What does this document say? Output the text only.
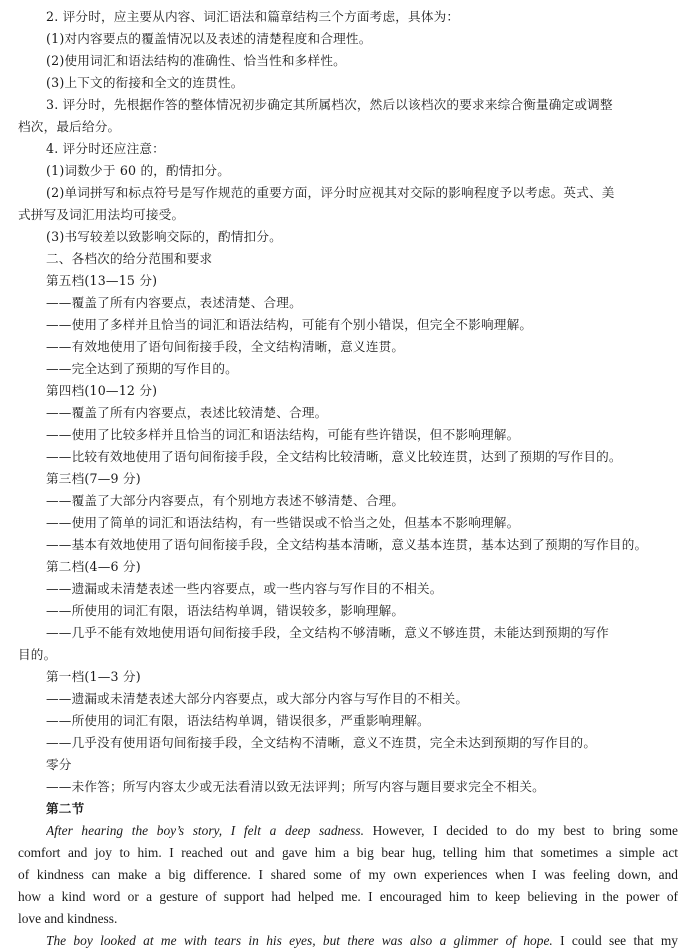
2. 评分时，应主要从内容、词汇语法和篇章结构三个方面考虑，具体为：
(1)对内容要点的覆盖情况以及表述的清楚程度和合理性。
(2)使用词汇和语法结构的准确性、恰当性和多样性。
(3)上下文的衔接和全文的连贯性。
3. 评分时，先根据作答的整体情况初步确定其所属档次，然后以该档次的要求来综合衡量确定或调整
档次，最后给分。
4. 评分时还应注意：
(1)词数少于 60 的，酌情扣分。
(2)单词拼写和标点符号是写作规范的重要方面，评分时应视其对交际的影响程度予以考虑。英式、美
式拼写及词汇用法均可接受。
(3)书写较差以致影响交际的，酌情扣分。
二、各档次的给分范围和要求
第五档(13—15 分)
——覆盖了所有内容要点，表述清楚、合理。
——使用了多样并且恰当的词汇和语法结构，可能有个别小错误，但完全不影响理解。
——有效地使用了语句间衔接手段，全文结构清晰，意义连贯。
——完全达到了预期的写作目的。
第四档(10—12 分)
——覆盖了所有内容要点，表述比较清楚、合理。
——使用了比较多样并且恰当的词汇和语法结构，可能有些许错误，但不影响理解。
——比较有效地使用了语句间衔接手段，全文结构比较清晰，意义比较连贯，达到了预期的写作目的。
第三档(7—9 分)
——覆盖了大部分内容要点，有个别地方表述不够清楚、合理。
——使用了简单的词汇和语法结构，有一些错误或不恰当之处，但基本不影响理解。
——基本有效地使用了语句间衔接手段，全文结构基本清晰，意义基本连贯，基本达到了预期的写作目的。
第二档(4—6 分)
——遗漏或未清楚表述一些内容要点，或一些内容与写作目的不相关。
——所使用的词汇有限，语法结构单调，错误较多，影响理解。
——几乎不能有效地使用语句间衔接手段，全文结构不够清晰，意义不够连贯，未能达到预期的写作
目的。
第一档(1—3 分)
——遗漏或未清楚表述大部分内容要点，或大部分内容与写作目的不相关。
——所使用的词汇有限，语法结构单调，错误很多，严重影响理解。
——几乎没有使用语句间衔接手段，全文结构不清晰，意义不连贯，完全未达到预期的写作目的。
零分
——未作答；所写内容太少或无法看清以致无法评判；所写内容与题目要求完全不相关。
第二节
After hearing the boy’s story, I felt a deep sadness. However, I decided to do my best to bring some
comfort and joy to him. I reached out and gave him a big bear hug, telling him that sometimes a simple act
of kindness can make a big difference. I shared some of my own experiences when I was feeling down, and
how a kind word or a gesture of support had helped me. I encouraged him to keep believing in the power of
love and kindness.
The boy looked at me with tears in his eyes, but there was also a glimmer of hope. I could see that my
